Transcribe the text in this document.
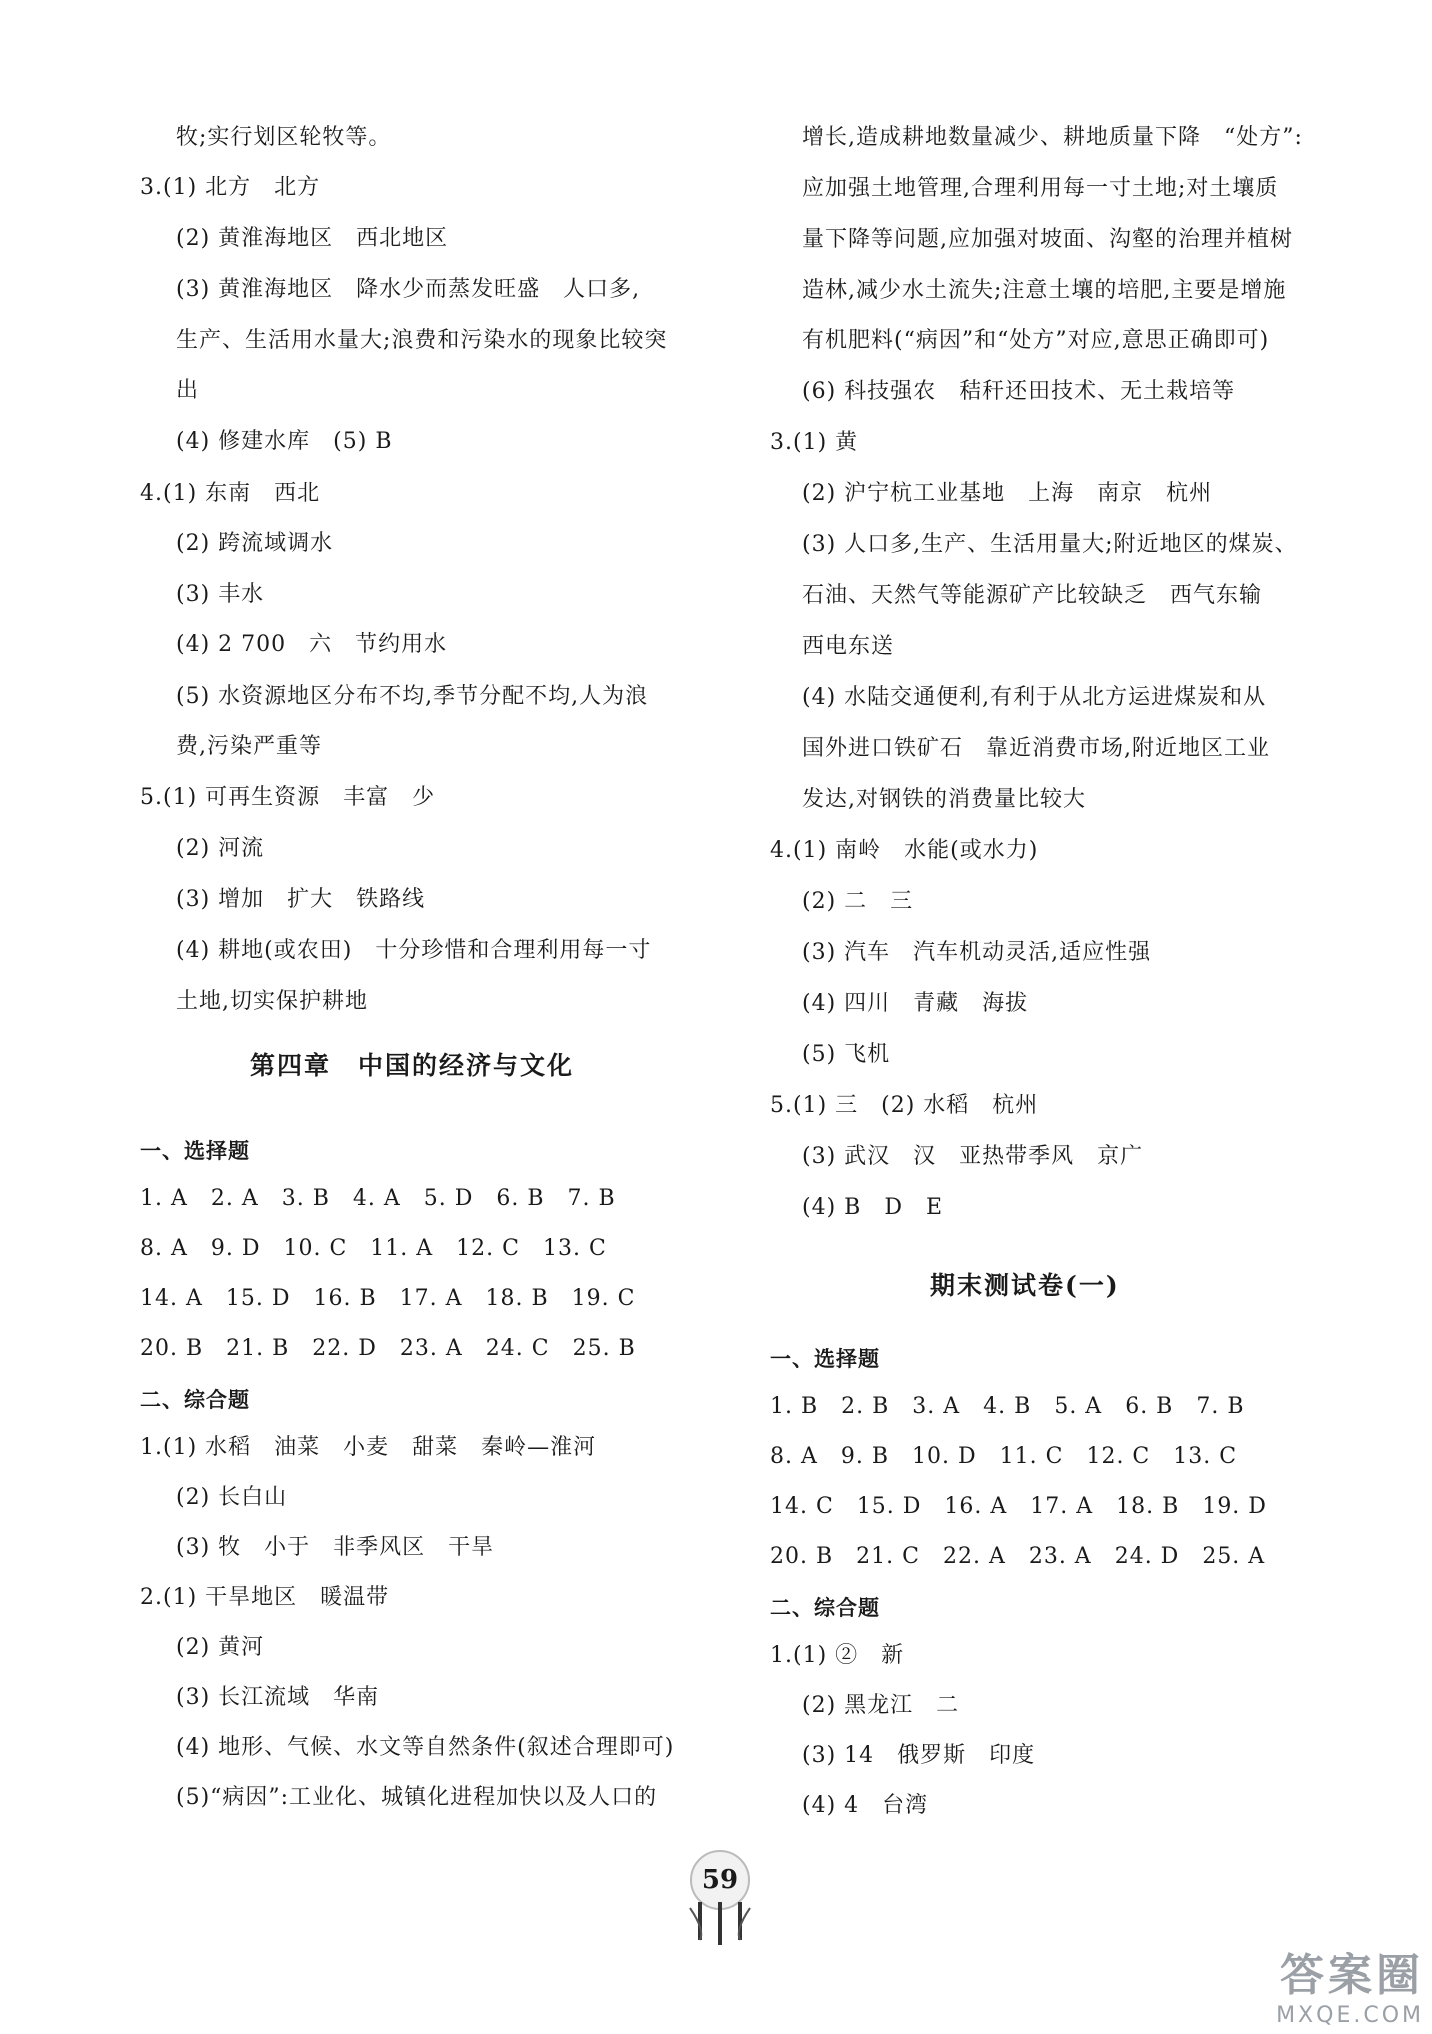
牧;实行划区轮牧等。
3.(1) 北方　北方
(2) 黄淮海地区　西北地区
(3) 黄淮海地区　降水少而蒸发旺盛　人口多,
生产、生活用水量大;浪费和污染水的现象比较突
出
(4) 修建水库　(5) B
4.(1) 东南　西北
(2) 跨流域调水
(3) 丰水
(4) 2 700　六　节约用水
(5) 水资源地区分布不均,季节分配不均,人为浪
费,污染严重等
5.(1) 可再生资源　丰富　少
(2) 河流
(3) 增加　扩大　铁路线
(4) 耕地(或农田)　十分珍惜和合理利用每一寸
土地,切实保护耕地
1. A　2. A　3. B　4. A　5. D　6. B　7. B
8. A　9. D　10. C　11. A　12. C　13. C
14. A　15. D　16. B　17. A　18. B　19. C
20. B　21. B　22. D　23. A　24. C　25. B
1.(1) 水稻　油菜　小麦　甜菜　秦岭—淮河
(2) 长白山
(3) 牧　小于　非季风区　干旱
2.(1) 干旱地区　暖温带
(2) 黄河
(3) 长江流域　华南
(4) 地形、气候、水文等自然条件(叙述合理即可)
(5)“病因”:工业化、城镇化进程加快以及人口的
第四章　中国的经济与文化
一、选择题
二、综合题
增长,造成耕地数量减少、耕地质量下降　“处方”:
应加强土地管理,合理利用每一寸土地;对土壤质
量下降等问题,应加强对坡面、沟壑的治理并植树
造林,减少水土流失;注意土壤的培肥,主要是增施
有机肥料(“病因”和“处方”对应,意思正确即可)
(6) 科技强农　秸秆还田技术、无土栽培等
3.(1) 黄
(2) 沪宁杭工业基地　上海　南京　杭州
(3) 人口多,生产、生活用量大;附近地区的煤炭、
石油、天然气等能源矿产比较缺乏　西气东输
西电东送
(4) 水陆交通便利,有利于从北方运进煤炭和从
国外进口铁矿石　靠近消费市场,附近地区工业
发达,对钢铁的消费量比较大
4.(1) 南岭　水能(或水力)
(2) 二　三
(3) 汽车　汽车机动灵活,适应性强
(4) 四川　青藏　海拔
(5) 飞机
5.(1) 三　(2) 水稻　杭州
(3) 武汉　汉　亚热带季风　京广
(4) B　D　E
1. B　2. B　3. A　4. B　5. A　6. B　7. B
8. A　9. B　10. D　11. C　12. C　13. C
14. C　15. D　16. A　17. A　18. B　19. D
20. B　21. C　22. A　23. A　24. D　25. A
1.(1) ②　新
(2) 黑龙江　二
(3) 14　俄罗斯　印度
(4) 4　台湾
期末测试卷(一)
一、选择题
二、综合题
59
答案圈
MXQE.COM
